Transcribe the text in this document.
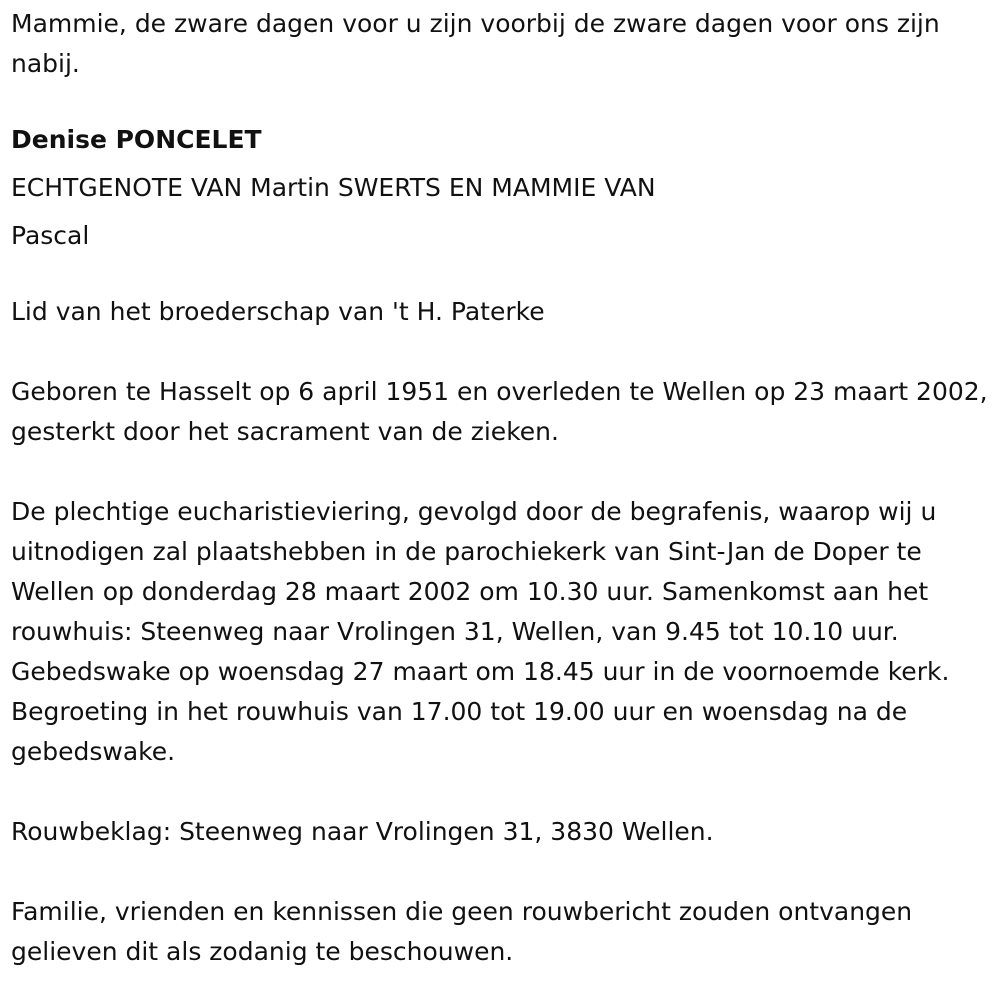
Mammie, de zware dagen voor u zijn voorbij de zware dagen voor ons zijn nabij.

Denise PONCELET

ECHTGENOTE VAN Martin SWERTS EN MAMMIE VAN

Pascal

Lid van het broederschap van 't H. Paterke

Geboren te Hasselt op 6 april 1951 en overleden te Wellen op 23 maart 2002, gesterkt door het sacrament van de zieken.

De plechtige eucharistieviering, gevolgd door de begrafenis, waarop wij u uitnodigen zal plaatshebben in de parochiekerk van Sint-Jan de Doper te Wellen op donderdag 28 maart 2002 om 10.30 uur. Samenkomst aan het rouwhuis: Steenweg naar Vrolingen 31, Wellen, van 9.45 tot 10.10 uur. Gebedswake op woensdag 27 maart om 18.45 uur in de voornoemde kerk. Begroeting in het rouwhuis van 17.00 tot 19.00 uur en woensdag na de gebedswake.

Rouwbeklag: Steenweg naar Vrolingen 31, 3830 Wellen.

Familie, vrienden en kennissen die geen rouwbericht zouden ontvangen gelieven dit als zodanig te beschouwen.
